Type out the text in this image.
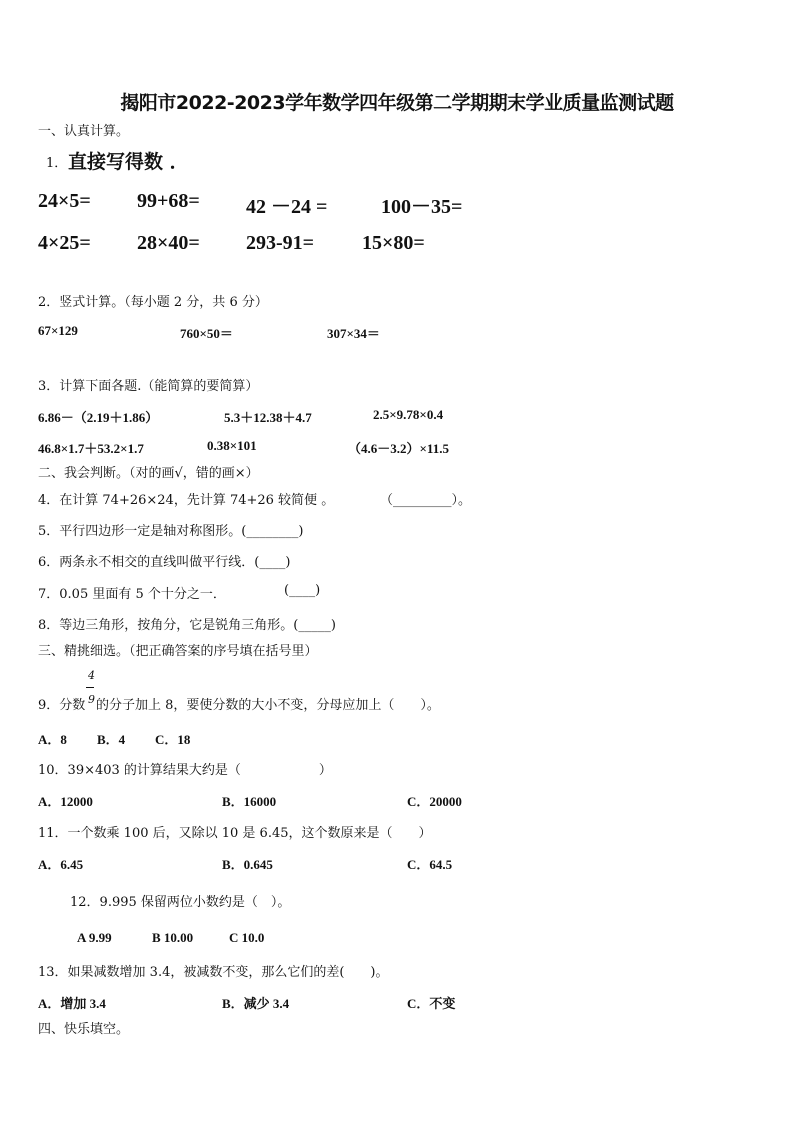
揭阳市2022-2023学年数学四年级第二学期期末学业质量监测试题
一、认真计算。
1． 直接写得数 ．
24×5= 99+68= 42 －24 =	100－35=
4×25= 28×40= 293-91= 15×80=
2．竖式计算。（每小题 2 分，共 6 分）
67×129	760×50＝	307×34＝
3．计算下面各题.（能简算的要简算）
6.86－（2.19＋1.86）	5.3＋12.38＋4.7	2.5×9.78×0.4
46.8×1.7＋53.2×1.7	0.38×101	（4.6－3.2）×11.5
二、我会判断。（对的画√，错的画×）
4．在计算 74+26×24，先计算 74+26 较简便 。	（_________）。
5．平行四边形一定是轴对称图形。(________)
6．两条永不相交的直线叫做平行线．(____)
7．0.05 里面有 5 个十分之一．	(____)
8．等边三角形，按角分，它是锐角三角形。(_____)
三、精挑细选。（把正确答案的序号填在括号里）
9．分数
4
9 的分子加上 8，要使分数的大小不变，分母应加上（　　）。
A．8 B．4 C．18
10．39×403 的计算结果大约是（　　　　　　）
A．12000	B．16000	C．20000
11．一个数乘 100 后，又除以 10 是 6.45，这个数原来是（　　）
A．6.45	B．0.645	C．64.5
12．9.995 保留两位小数约是（　）。
A 9.99	B 10.00	C 10.0
13．如果减数增加 3.4，被减数不变，那么它们的差(　　)。
A．增加 3.4	B．减少 3.4	C．不变
四、快乐填空。
